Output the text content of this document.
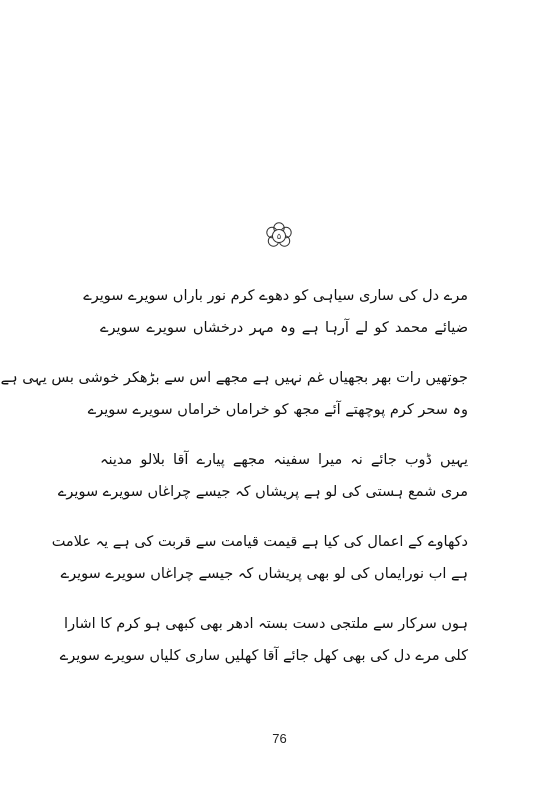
۵
مرے دل کی ساری سیاہی کو دھوے کرم نور باراں سویرے سویرے
ضیائے محمد کو لے آرہا ہے وہ مہر درخشاں سویرے سویرے
جوتھیں رات بھر بجھیاں غم نہیں ہے مجھے اس سے بڑھکر خوشی بس یہی ہے
وہ سحر کرم پوچھتے آئے مجھ کو خراماں خراماں سویرے سویرے
یہیں ڈوب جائے نہ میرا سفینہ مجھے پیارے آقا بلالو مدینہ
مری شمع ہستی کی لو ہے پریشاں کہ جیسے چراغاں سویرے سویرے
دکھاوے کے اعمال کی کیا ہے قیمت قیامت سے قربت کی ہے یہ علامت
ہے اب نورایماں کی لو بھی پریشاں کہ جیسے چراغاں سویرے سویرے
ہوں سرکار سے ملتجی دست بستہ ادھر بھی کبھی ہو کرم کا اشارا
کلی مرے دل کی بھی کھل جائے آقا کھلیں ساری کلیاں سویرے سویرے
76
